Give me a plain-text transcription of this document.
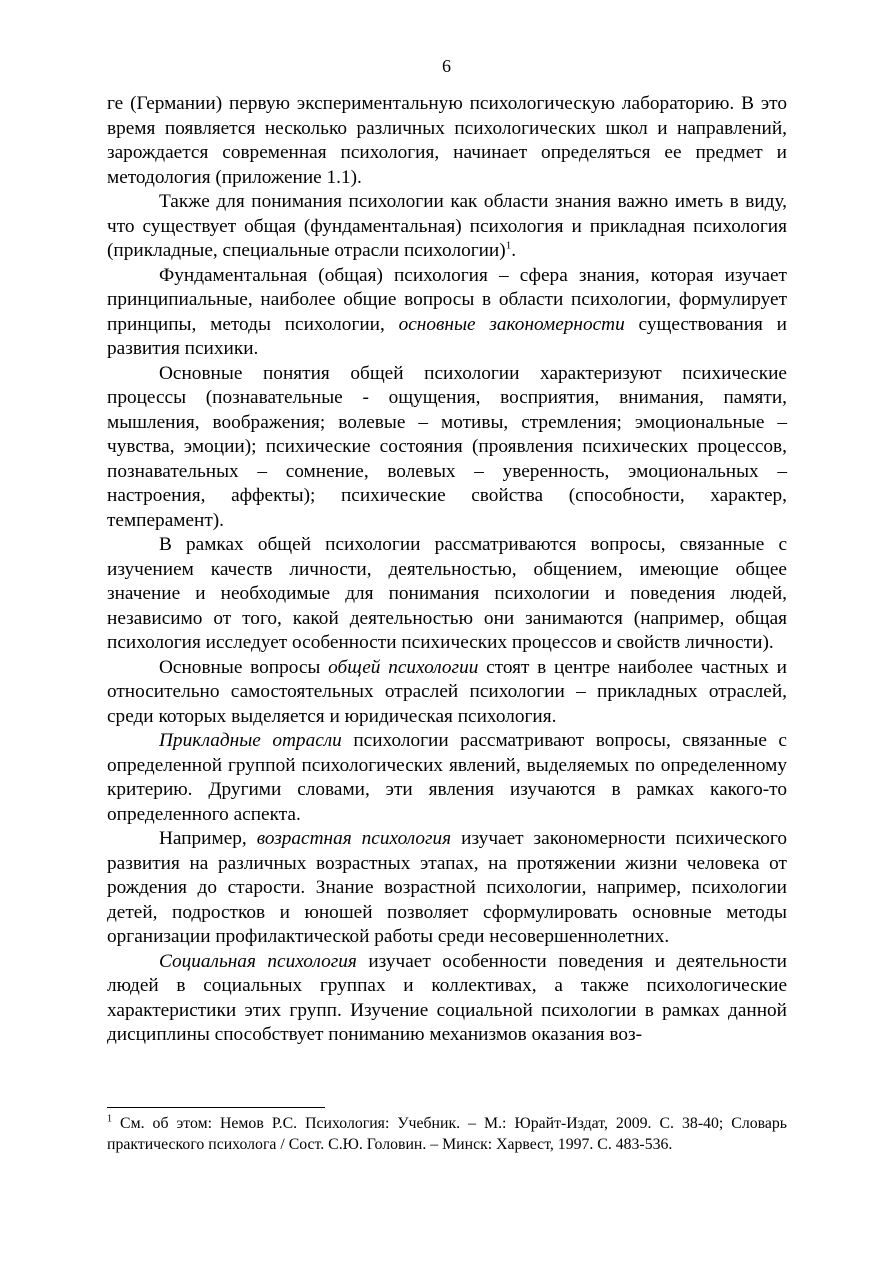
6

ге (Германии) первую экспериментальную психологическую лабораторию. В это время появляется несколько различных психологических школ и направлений, зарождается современная психология, начинает определяться ее предмет и методология (приложение 1.1).

Также для понимания психологии как области знания важно иметь в виду, что существует общая (фундаментальная) психология и прикладная психология (прикладные, специальные отрасли психологии)$^1$.

Фундаментальная (общая) психология – сфера знания, которая изучает принципиальные, наиболее общие вопросы в области психологии, формулирует принципы, методы психологии, основные закономерности существования и развития психики.

Основные понятия общей психологии характеризуют психические процессы (познавательные - ощущения, восприятия, внимания, памяти, мышления, воображения; волевые – мотивы, стремления; эмоциональные – чувства, эмоции); психические состояния (проявления психических процессов, познавательных – сомнение, волевых – уверенность, эмоциональных – настроения, аффекты); психические свойства (способности, характер, темперамент).

В рамках общей психологии рассматриваются вопросы, связанные с изучением качеств личности, деятельностью, общением, имеющие общее значение и необходимые для понимания психологии и поведения людей, независимо от того, какой деятельностью они занимаются (например, общая психология исследует особенности психических процессов и свойств личности).

Основные вопросы общей психологии стоят в центре наиболее частных и относительно самостоятельных отраслей психологии – прикладных отраслей, среди которых выделяется и юридическая психология.

Прикладные отрасли психологии рассматривают вопросы, связанные с определенной группой психологических явлений, выделяемых по определенному критерию. Другими словами, эти явления изучаются в рамках какого-то определенного аспекта.

Например, возрастная психология изучает закономерности психического развития на различных возрастных этапах, на протяжении жизни человека от рождения до старости. Знание возрастной психологии, например, психологии детей, подростков и юношей позволяет сформулировать основные методы организации профилактической работы среди несовершеннолетних.

Социальная психология изучает особенности поведения и деятельности людей в социальных группах и коллективах, а также психологические характеристики этих групп. Изучение социальной психологии в рамках данной дисциплины способствует пониманию механизмов оказания воз-

$^1$ См. об этом: Немов Р.С. Психология: Учебник. – М.: Юрайт-Издат, 2009. С. 38-40; Словарь практического психолога / Сост. С.Ю. Головин. – Минск: Харвест, 1997. С. 483-536.
